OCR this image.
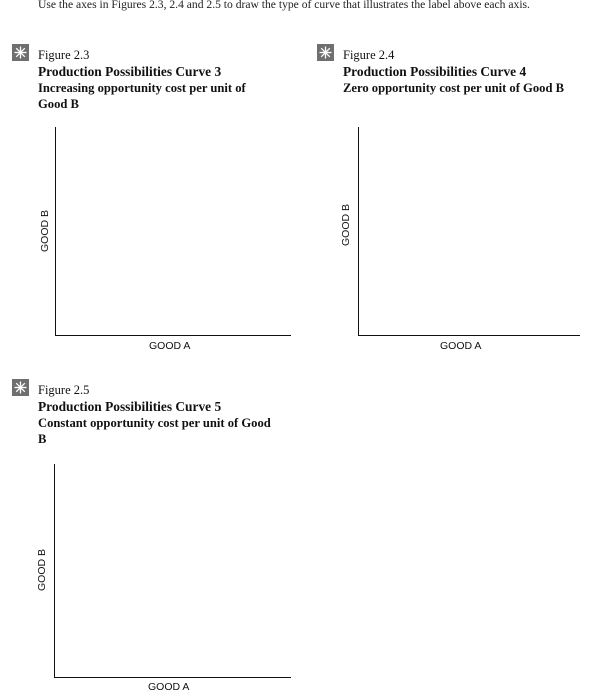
Use the axes in Figures 2.3, 2.4 and 2.5 to draw the type of curve that illustrates the label above each axis.
Figure 2.3
Production Possibilities Curve 3
Increasing opportunity cost per unit of Good B
GOOD B
GOOD A
Figure 2.4
Production Possibilities Curve 4
Zero opportunity cost per unit of Good B
GOOD B
GOOD A
Figure 2.5
Production Possibilities Curve 5
Constant opportunity cost per unit of Good B
GOOD B
GOOD A
